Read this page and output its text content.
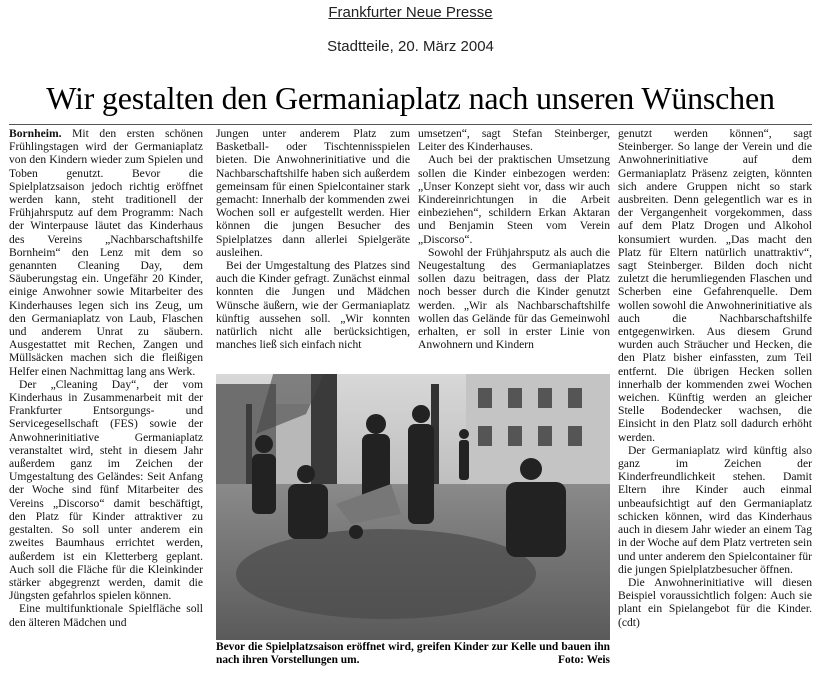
Frankfurter Neue Presse
Stadtteile, 20. März 2004
Wir gestalten den Germaniaplatz nach unseren Wünschen

Bornheim. Mit den ersten schönen Frühlingstagen wird der Germaniaplatz von den Kindern wieder zum Spielen und Toben genutzt. Bevor die Spielplatzsaison jedoch richtig eröffnet werden kann, steht traditionell der Frühjahrsputz auf dem Programm: Nach der Winterpause läutet das Kinderhaus des Vereins „Nachbarschaftshilfe Bornheim“ den Lenz mit dem so genannten Cleaning Day, dem Säuberungstag ein. Ungefähr 20 Kinder, einige Anwohner sowie Mitarbeiter des Kinderhauses legen sich ins Zeug, um den Germaniaplatz von Laub, Flaschen und anderem Unrat zu säubern. Ausgestattet mit Rechen, Zangen und Müllsäcken machen sich die fleißigen Helfer einen Nachmittag lang ans Werk.

Der „Cleaning Day“, der vom Kinderhaus in Zusammenarbeit mit der Frankfurter Entsorgungs- und Servicegesellschaft (FES) sowie der Anwohnerinitiative Germaniaplatz veranstaltet wird, steht in diesem Jahr außerdem ganz im Zeichen der Umgestaltung des Geländes: Seit Anfang der Woche sind fünf Mitarbeiter des Vereins „Discorso“ damit beschäftigt, den Platz für Kinder attraktiver zu gestalten. So soll unter anderem ein zweites Baumhaus errichtet werden, außerdem ist ein Kletterberg geplant. Auch soll die Fläche für die Kleinkinder stärker abgegrenzt werden, damit die Jüngsten gefahrlos spielen können.

Eine multifunktionale Spielfläche soll den älteren Mädchen und

Jungen unter anderem Platz zum Basketball- oder Tischtennisspielen bieten. Die Anwohnerinitiative und die Nachbarschaftshilfe haben sich außerdem gemeinsam für einen Spielcontainer stark gemacht: Innerhalb der kommenden zwei Wochen soll er aufgestellt werden. Hier können die jungen Besucher des Spielplatzes dann allerlei Spielgeräte ausleihen.

Bei der Umgestaltung des Platzes sind auch die Kinder gefragt. Zunächst einmal konnten die Jungen und Mädchen Wünsche äußern, wie der Germaniaplatz künftig aussehen soll. „Wir konnten natürlich nicht alle berücksichtigen, manches ließ sich einfach nicht

umsetzen“, sagt Stefan Steinberger, Leiter des Kinderhauses.

Auch bei der praktischen Umsetzung sollen die Kinder einbezogen werden: „Unser Konzept sieht vor, dass wir auch Kindereinrichtungen in die Arbeit einbeziehen“, schildern Erkan Aktaran und Benjamin Steen vom Verein „Discorso“.

Sowohl der Frühjahrsputz als auch die Neugestaltung des Germaniaplatzes sollen dazu beitragen, dass der Platz noch besser durch die Kinder genutzt werden. „Wir als Nachbarschaftshilfe wollen das Gelände für das Gemeinwohl erhalten, er soll in erster Linie von Anwohnern und Kindern

genutzt werden können“, sagt Steinberger. So lange der Verein und die Anwohnerinitiative auf dem Germaniaplatz Präsenz zeigten, könnten sich andere Gruppen nicht so stark ausbreiten. Denn gelegentlich war es in der Vergangenheit vorgekommen, dass auf dem Platz Drogen und Alkohol konsumiert wurden. „Das macht den Platz für Eltern natürlich unattraktiv“, sagt Steinberger. Bilden doch nicht zuletzt die herumliegenden Flaschen und Scherben eine Gefahrenquelle. Dem wollen sowohl die Anwohnerinitiative als auch die Nachbarschaftshilfe entgegenwirken. Aus diesem Grund wurden auch Sträucher und Hecken, die den Platz bisher einfassten, zum Teil entfernt. Die übrigen Hecken sollen innerhalb der kommenden zwei Wochen weichen. Künftig werden an gleicher Stelle Bodendecker wachsen, die Einsicht in den Platz soll dadurch erhöht werden.

Der Germaniaplatz wird künftig also ganz im Zeichen der Kinderfreundlichkeit stehen. Damit Eltern ihre Kinder auch einmal unbeaufsichtigt auf den Germaniaplatz schicken können, wird das Kinderhaus auch in diesem Jahr wieder an einem Tag in der Woche auf dem Platz vertreten sein und unter anderem den Spielcontainer für die jungen Spielplatzbesucher öffnen.

Die Anwohnerinitiative will diesen Beispiel voraussichtlich folgen: Auch sie plant ein Spielangebot für die Kinder. (cdt)

Bevor die Spielplatzsaison eröffnet wird, greifen Kinder zur Kelle und bauen ihn nach ihren Vorstellungen um.	Foto: Weis
